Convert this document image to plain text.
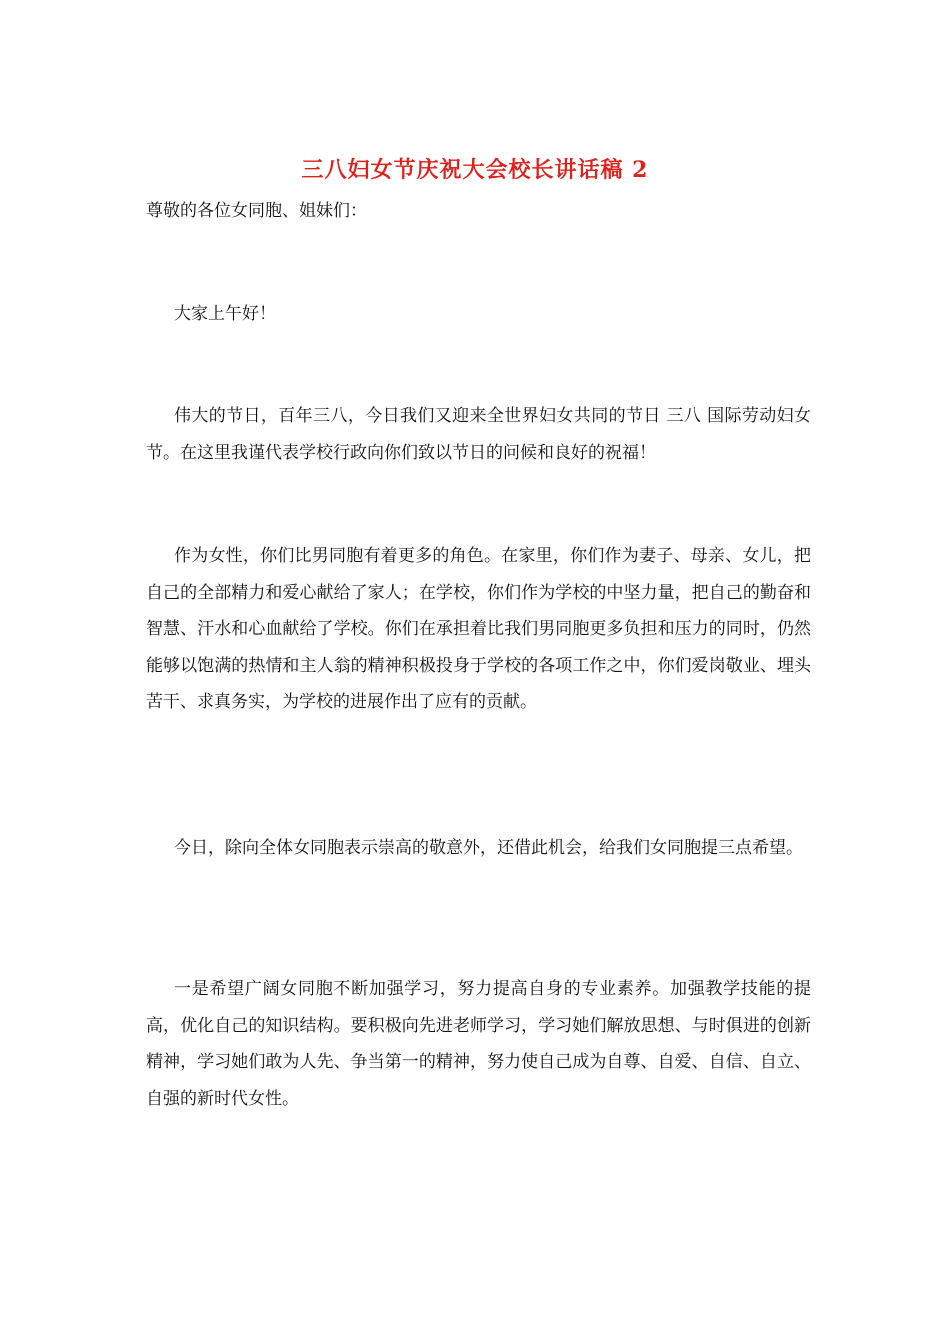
三八妇女节庆祝大会校长讲话稿 2
尊敬的各位女同胞、姐妹们：

大家上午好！

伟大的节日，百年三八，今日我们又迎来全世界妇女共同的节日 三八 国际劳动妇女节。在这里我谨代表学校行政向你们致以节日的问候和良好的祝福！

作为女性，你们比男同胞有着更多的角色。在家里，你们作为妻子、母亲、女儿，把自己的全部精力和爱心献给了家人；在学校，你们作为学校的中坚力量，把自己的勤奋和智慧、汗水和心血献给了学校。你们在承担着比我们男同胞更多负担和压力的同时，仍然能够以饱满的热情和主人翁的精神积极投身于学校的各项工作之中，你们爱岗敬业、埋头苦干、求真务实，为学校的进展作出了应有的贡献。

今日，除向全体女同胞表示崇高的敬意外，还借此机会，给我们女同胞提三点希望。

一是希望广阔女同胞不断加强学习，努力提高自身的专业素养。加强教学技能的提高，优化自己的知识结构。要积极向先进老师学习，学习她们解放思想、与时俱进的创新精神，学习她们敢为人先、争当第一的精神，努力使自己成为自尊、自爱、自信、自立、自强的新时代女性。
